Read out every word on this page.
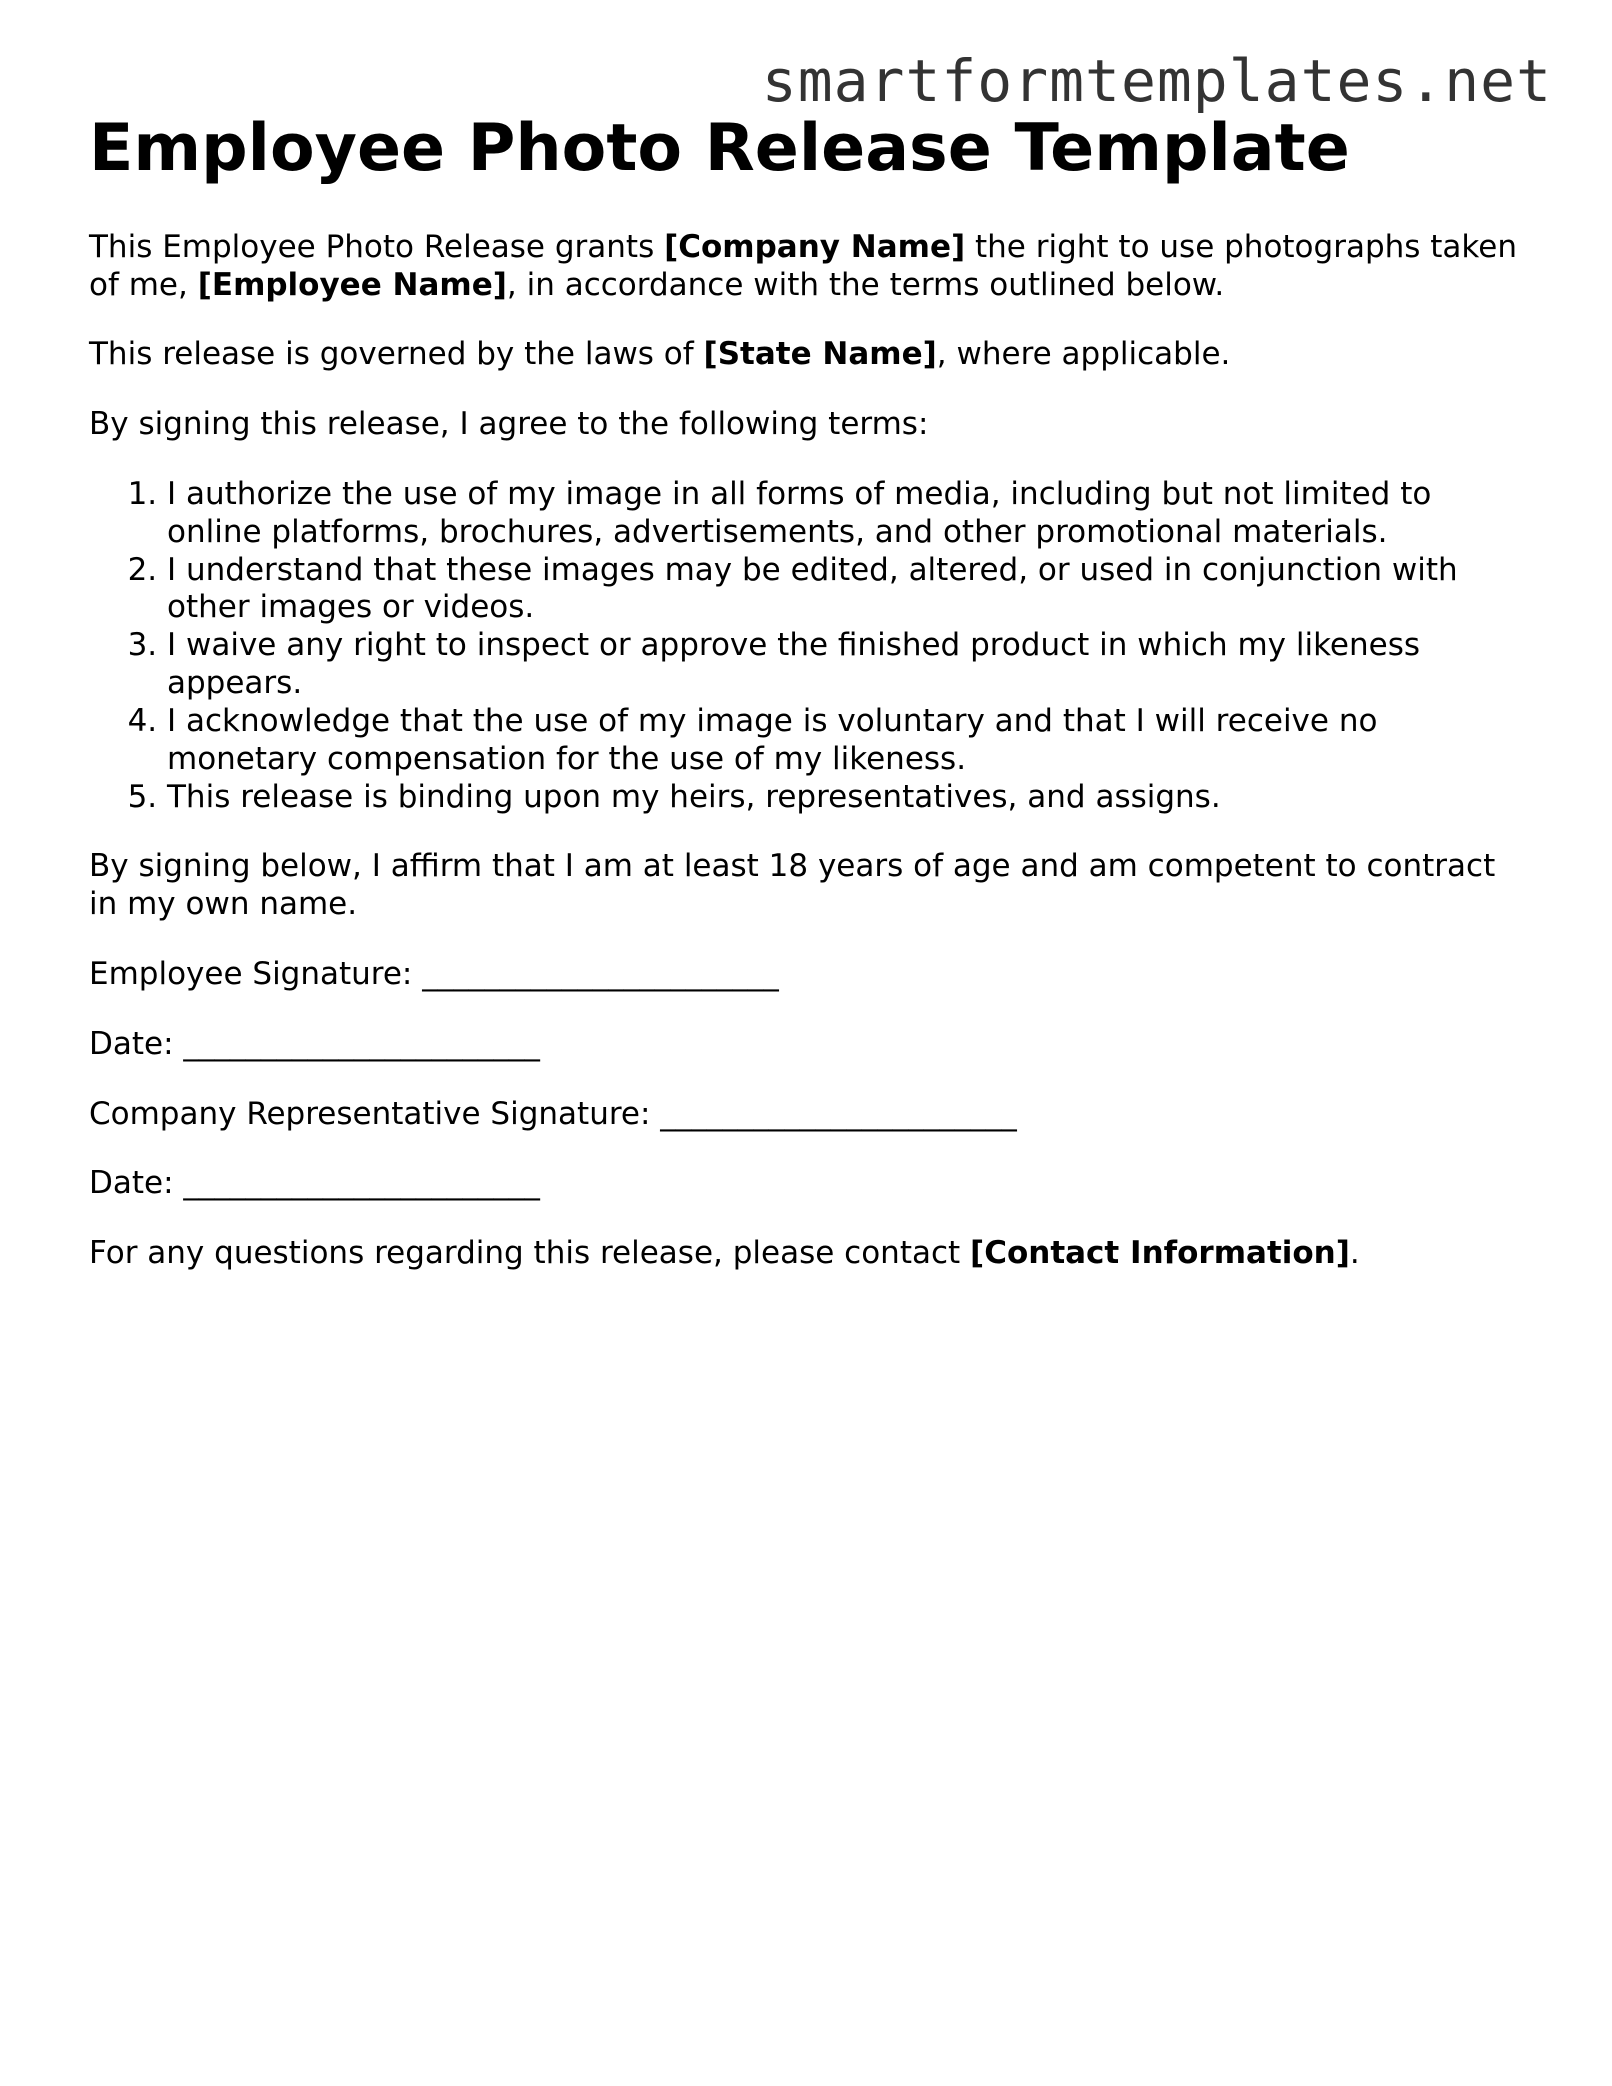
smartformtemplates.net
Employee Photo Release Template

This Employee Photo Release grants [Company Name] the right to use photographs taken of me, [Employee Name], in accordance with the terms outlined below.

This release is governed by the laws of [State Name], where applicable.

By signing this release, I agree to the following terms:

1. I authorize the use of my image in all forms of media, including but not limited to online platforms, brochures, advertisements, and other promotional materials.
2. I understand that these images may be edited, altered, or used in conjunction with other images or videos.
3. I waive any right to inspect or approve the finished product in which my likeness appears.
4. I acknowledge that the use of my image is voluntary and that I will receive no monetary compensation for the use of my likeness.
5. This release is binding upon my heirs, representatives, and assigns.

By signing below, I affirm that I am at least 18 years of age and am competent to contract in my own name.

Employee Signature: _______________________

Date: _______________________

Company Representative Signature: _______________________

Date: _______________________

For any questions regarding this release, please contact [Contact Information].
